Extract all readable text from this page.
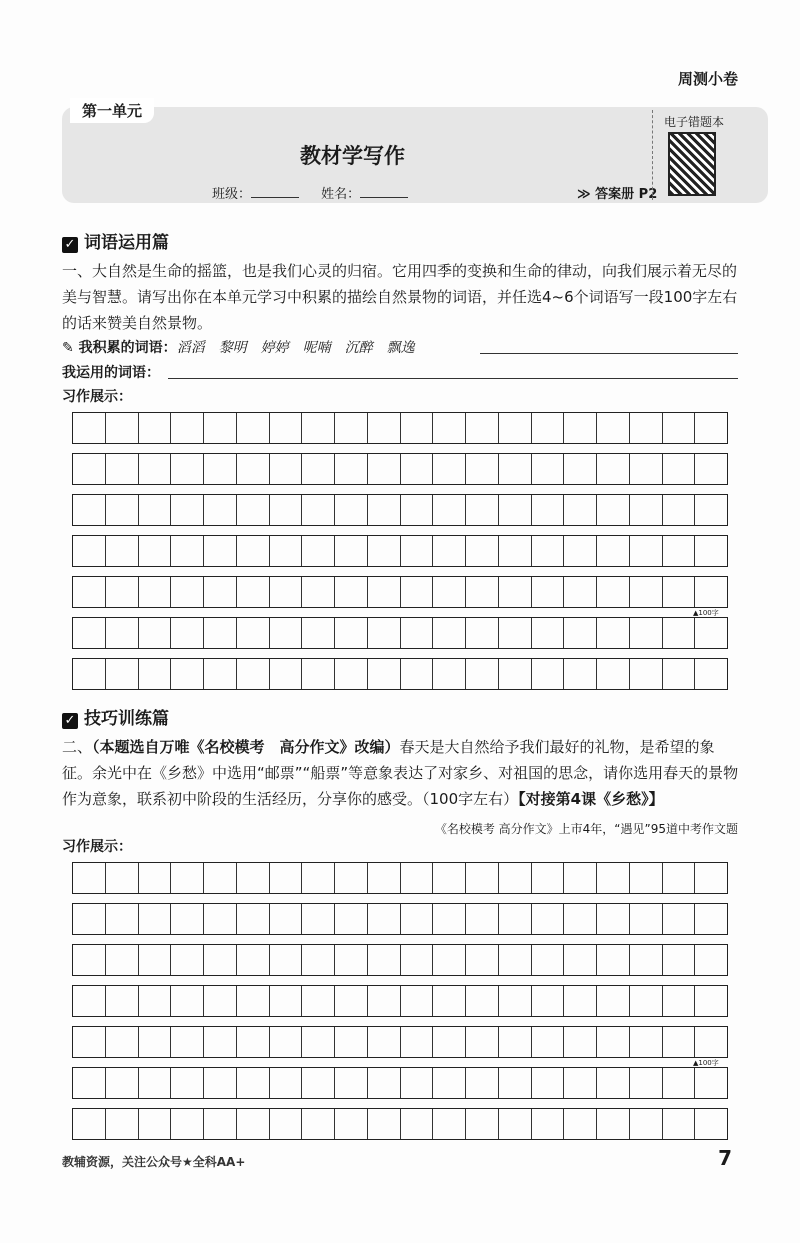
周测小卷
第一单元
教材学写作
班级：	姓名：	≫ 答案册 P2
电子错题本
✓ 词语运用篇
一、大自然是生命的摇篮，也是我们心灵的归宿。它用四季的变换和生命的律动，向我们展示着无尽的美与智慧。请写出你在本单元学习中积累的描绘自然景物的词语，并任选4~6个词语写一段100字左右的话来赞美自然景物。
✎ 我积累的词语：滔滔　黎明　婷婷　呢喃　沉醉　飘逸
我运用的词语：
习作展示：
▲100字
✓ 技巧训练篇
二、（本题选自万唯《名校模考　高分作文》改编）春天是大自然给予我们最好的礼物，是希望的象征。余光中在《乡愁》中选用“邮票”“船票”等意象表达了对家乡、对祖国的思念，请你选用春天的景物作为意象，联系初中阶段的生活经历，分享你的感受。（100字左右）【对接第4课《乡愁》】
《名校模考 高分作文》上市4年，“遇见”95道中考作文题
习作展示：
▲100字
教辅资源，关注公众号★全科AA+	7
